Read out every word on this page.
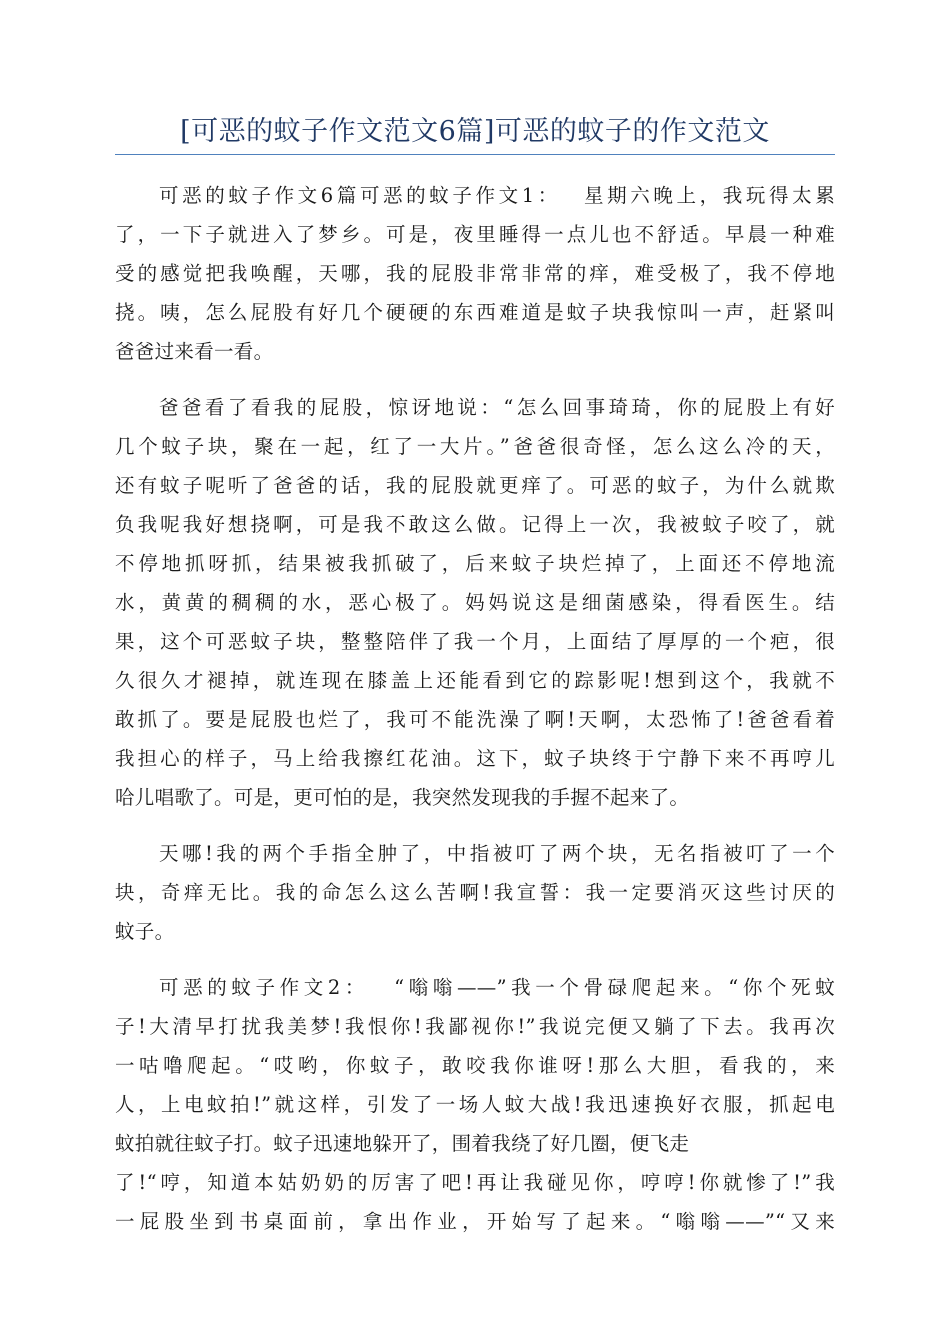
[可恶的蚊子作文范文6篇]可恶的蚊子的作文范文
可恶的蚊子作文6篇可恶的蚊子作文1：　 星期六晚上，我玩得太累
了，一下子就进入了梦乡。可是，夜里睡得一点儿也不舒适。早晨一种难
受的感觉把我唤醒，天哪，我的屁股非常非常的痒，难受极了，我不停地
挠。咦，怎么屁股有好几个硬硬的东西难道是蚊子块我惊叫一声，赶紧叫
爸爸过来看一看。
爸爸看了看我的屁股，惊讶地说：“怎么回事琦琦，你的屁股上有好
几个蚊子块，聚在一起，红了一大片。”爸爸很奇怪，怎么这么冷的天，
还有蚊子呢听了爸爸的话，我的屁股就更痒了。可恶的蚊子，为什么就欺
负我呢我好想挠啊，可是我不敢这么做。记得上一次，我被蚊子咬了，就
不停地抓呀抓，结果被我抓破了，后来蚊子块烂掉了，上面还不停地流
水，黄黄的稠稠的水，恶心极了。妈妈说这是细菌感染，得看医生。结
果，这个可恶蚊子块，整整陪伴了我一个月，上面结了厚厚的一个疤，很
久很久才褪掉，就连现在膝盖上还能看到它的踪影呢!想到这个，我就不
敢抓了。要是屁股也烂了，我可不能洗澡了啊!天啊，太恐怖了!爸爸看着
我担心的样子，马上给我擦红花油。这下，蚊子块终于宁静下来不再哼儿
哈儿唱歌了。可是，更可怕的是，我突然发现我的手握不起来了。
天哪!我的两个手指全肿了，中指被叮了两个块，无名指被叮了一个
块，奇痒无比。我的命怎么这么苦啊!我宣誓：我一定要消灭这些讨厌的
蚊子。
可恶的蚊子作文2：　 “嗡嗡——”我一个骨碌爬起来。“你个死蚊
子!大清早打扰我美梦!我恨你!我鄙视你!”我说完便又躺了下去。我再次
一咕噜爬起。“哎哟，你蚊子，敢咬我你谁呀!那么大胆，看我的，来
人，上电蚊拍!”就这样，引发了一场人蚊大战!我迅速换好衣服，抓起电
蚊拍就往蚊子打。蚊子迅速地躲开了，围着我绕了好几圈，便飞走
了!“哼，知道本姑奶奶的厉害了吧!再让我碰见你，哼哼!你就惨了!”我
一屁股坐到书桌面前，拿出作业，开始写了起来。“嗡嗡——”“又来
